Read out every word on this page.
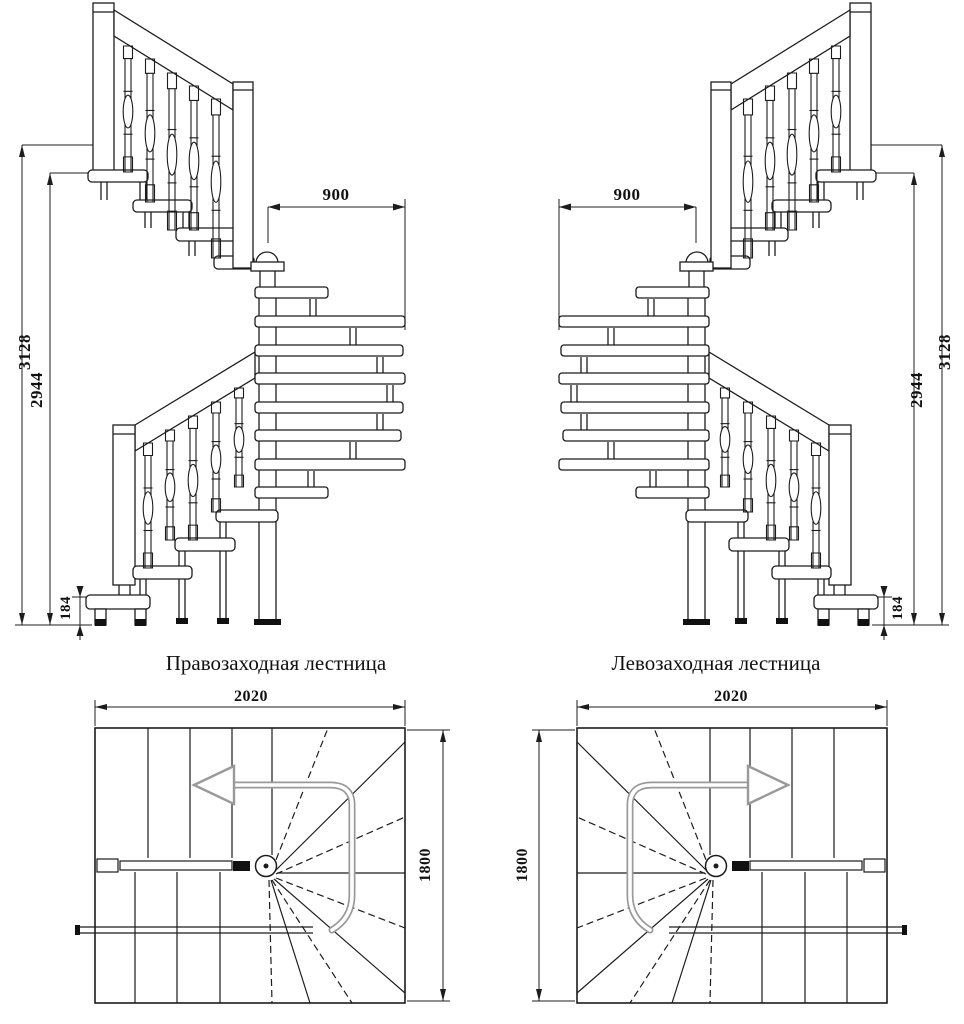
3128
2944
184
900
3128
2944
184
900
Правозаходная лестница	Левозаходная лестница
2020
1800
2020
1800
